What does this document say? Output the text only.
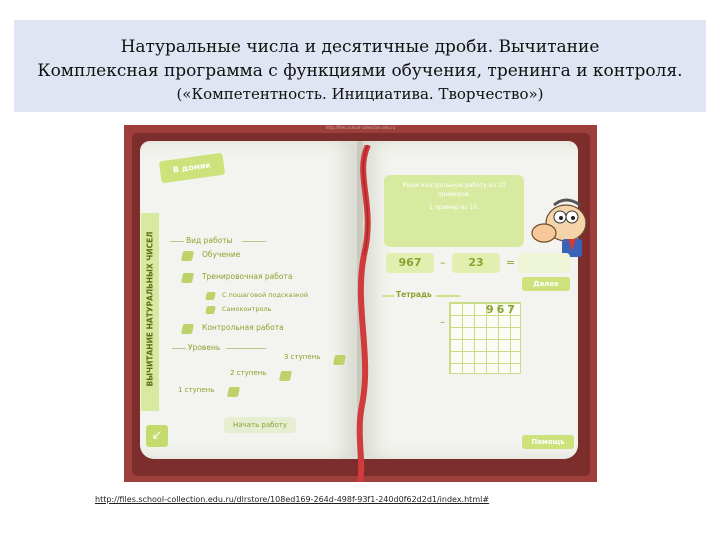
Натуральные числа и десятичные дроби. Вычитание
Комплексная программа с функциями обучения, тренинга и контроля.
(«Компетентность. Инициатива. Творчество»)
http://files.school-collection.edu.ru
В домик
ВЫЧИТАНИЕ НАТУРАЛЬНЫХ ЧИСЕЛ	Вид работы
Обучение
Тренировочная работа
С пошаговой подсказкой
Самоконтроль
Контрольная работа
Уровень
3 ступень
2 ступень
1 ступень
Начать работу
↙
Реши контрольную работу из 10 примеров.
1 пример из 10.
967	–	23	=
Далее
Тетрадь
967
–
Помощь
http://files.school-collection.edu.ru/dlrstore/108ed169-264d-498f-93f1-240d0f62d2d1/index.html#
